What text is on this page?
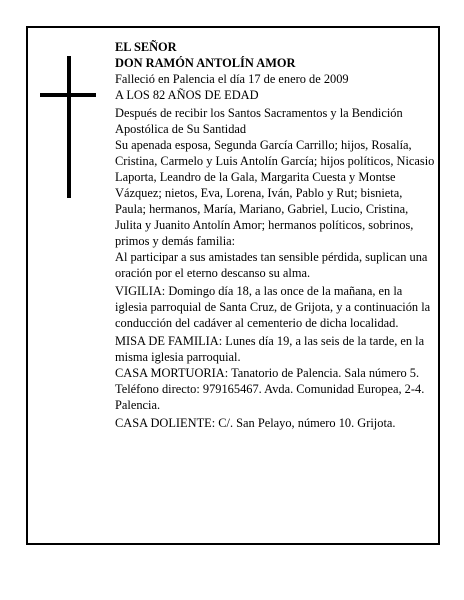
EL SEÑOR

DON RAMÓN ANTOLÍN AMOR

Falleció en Palencia el día 17 de enero de 2009

A LOS 82 AÑOS DE EDAD

Después de recibir los Santos Sacramentos y la Bendición Apostólica de Su Santidad

Su apenada esposa, Segunda García Carrillo; hijos, Rosalía, Cristina, Carmelo y Luis Antolín García; hijos políticos, Nicasio Laporta, Leandro de la Gala, Margarita Cuesta y Montse Vázquez; nietos, Eva, Lorena, Iván, Pablo y Rut; bisnieta, Paula; hermanos, María, Mariano, Gabriel, Lucio, Cristina, Julita y Juanito Antolín Amor; hermanos políticos, sobrinos, primos y demás familia:

Al participar a sus amistades tan sensible pérdida, suplican una oración por el eterno descanso su alma.

VIGILIA: Domingo día 18, a las once de la mañana, en la iglesia parroquial de Santa Cruz, de Grijota, y a continuación la conducción del cadáver al cementerio de dicha localidad.

MISA DE FAMILIA: Lunes día 19, a las seis de la tarde, en la misma iglesia parroquial.

CASA MORTUORIA: Tanatorio de Palencia. Sala número 5. Teléfono directo: 979165467. Avda. Comunidad Europea, 2-4. Palencia.

CASA DOLIENTE: C/. San Pelayo, número 10. Grijota.
